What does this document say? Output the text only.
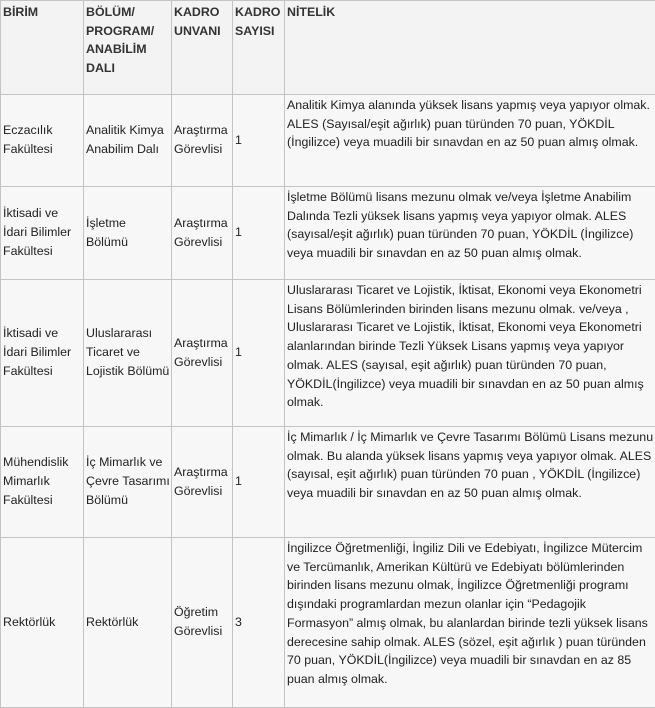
BİRİM	BÖLÜM/ PROGRAM/ ANABİLİM DALI	KADRO UNVANI	KADRO SAYISI	NİTELİK
Eczacılık Fakültesi	Analitik Kimya Anabilim Dalı	Araştırma Görevlisi	1	Analitik Kimya alanında yüksek lisans yapmış veya yapıyor olmak. ALES (Sayısal/eşit ağırlık) puan türünden 70 puan, YÖKDİL (İngilizce) veya muadili bir sınavdan en az 50 puan almış olmak.
İktisadi ve İdari Bilimler Fakültesi	İşletme Bölümü	Araştırma Görevlisi	1	İşletme Bölümü lisans mezunu olmak ve/veya İşletme Anabilim Dalında Tezli yüksek lisans yapmış veya yapıyor olmak. ALES (sayısal/eşit ağırlık) puan türünden 70 puan, YÖKDİL (İngilizce) veya muadili bir sınavdan en az 50 puan almış olmak.
İktisadi ve İdari Bilimler Fakültesi	Uluslararası Ticaret ve Lojistik Bölümü	Araştırma Görevlisi	1	Uluslararası Ticaret ve Lojistik, İktisat, Ekonomi veya Ekonometri Lisans Bölümlerinden birinden lisans mezunu olmak. ve/veya , Uluslararası Ticaret ve Lojistik, İktisat, Ekonomi veya Ekonometri alanlarından birinde Tezli Yüksek Lisans yapmış veya yapıyor olmak. ALES (sayısal, eşit ağırlık) puan türünden 70 puan, YÖKDİL(İngilizce) veya muadili bir sınavdan en az 50 puan almış olmak.
Mühendislik Mimarlık Fakültesi	İç Mimarlık ve Çevre Tasarımı Bölümü	Araştırma Görevlisi	1	İç Mimarlık / İç Mimarlık ve Çevre Tasarımı Bölümü Lisans mezunu olmak. Bu alanda yüksek lisans yapmış veya yapıyor olmak. ALES (sayısal, eşit ağırlık) puan türünden 70 puan , YÖKDİL (İngilizce) veya muadili bir sınavdan en az 50 puan almış olmak.
Rektörlük	Rektörlük	Öğretim Görevlisi	3	İngilizce Öğretmenliği, İngiliz Dili ve Edebiyatı, İngilizce Mütercim ve Tercümanlık, Amerikan Kültürü ve Edebiyatı bölümlerinden birinden lisans mezunu olmak, İngilizce Öğretmenliği programı dışındaki programlardan mezun olanlar için “Pedagojik Formasyon” almış olmak, bu alanlardan birinde tezli yüksek lisans derecesine sahip olmak. ALES (sözel, eşit ağırlık ) puan türünden 70 puan, YÖKDİL(İngilizce) veya muadili bir sınavdan en az 85 puan almış olmak.
